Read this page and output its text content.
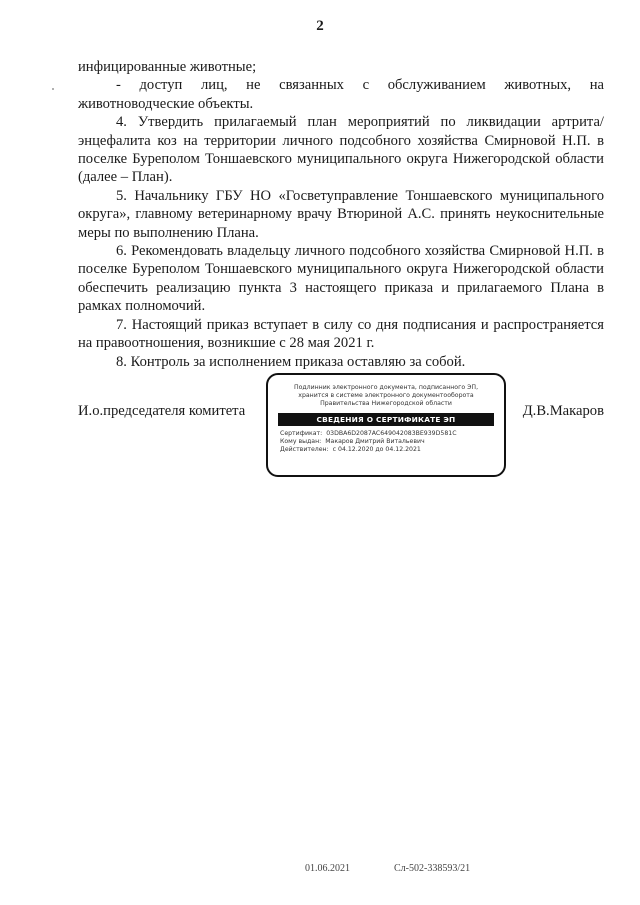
2

инфицированные животные;

- доступ лиц, не связанных с обслуживанием животных, на животноводческие объекты.

4. Утвердить прилагаемый план мероприятий по ликвидации артрита/энцефалита коз на территории личного подсобного хозяйства Смирновой Н.П. в поселке Буреполом Тоншаевского муниципального округа Нижегородской области (далее – План).

5. Начальнику ГБУ НО «Госветуправление Тоншаевского муниципального округа», главному ветеринарному врачу Втюриной А.С. принять неукоснительные меры по выполнению Плана.

6. Рекомендовать владельцу личного подсобного хозяйства Смирновой Н.П. в поселке Буреполом Тоншаевского муниципального округа Нижегородской области обеспечить реализацию пункта 3 настоящего приказа и прилагаемого Плана в рамках полномочий.

7. Настоящий приказ вступает в силу со дня подписания и распространяется на правоотношения, возникшие с 28 мая 2021 г.

8. Контроль за исполнением приказа оставляю за собой.

И.о.председателя комитета
Подлинник электронного документа, подписанного ЭП,
хранится в системе электронного документооборота
Правительства Нижегородской области
СВЕДЕНИЯ О СЕРТИФИКАТЕ ЭП
Сертификат: 03DBA6D2087AC649042083BE939D581C
Кому выдан: Макаров Дмитрий Витальевич
Действителен: с 04.12.2020 до 04.12.2021
Д.В.Макаров
01.06.2021	Сл-502-338593/21
